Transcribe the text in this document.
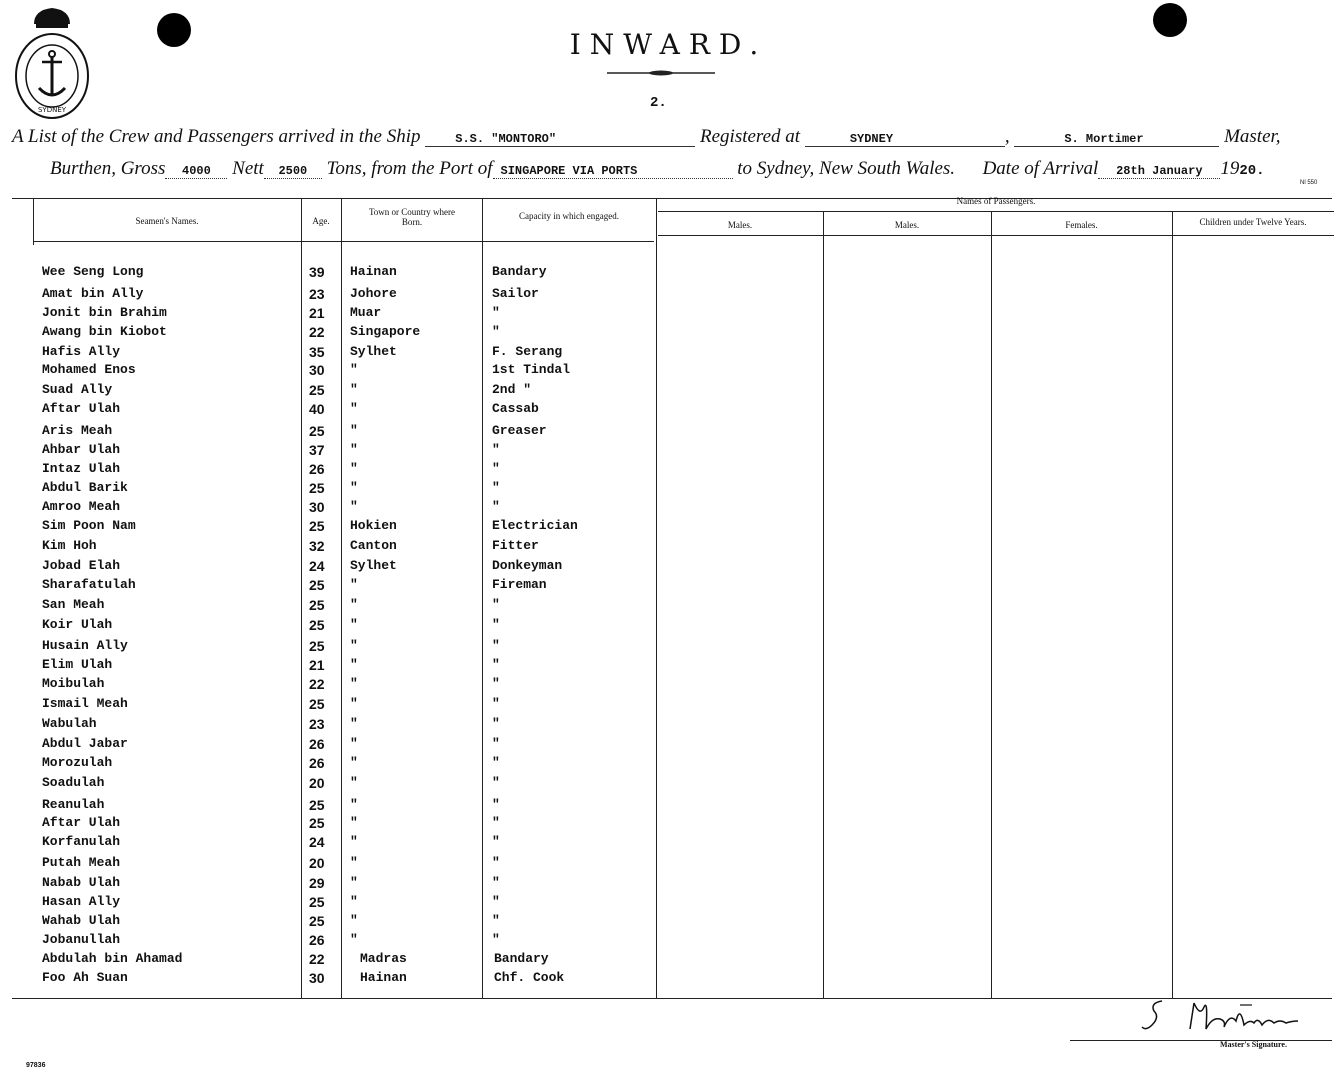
SYDNEY
INWARD.
2.
A List of the Crew and Passengers arrived in the Ship	S.S. "MONTORO"	Registered at	SYDNEY	,	S. Mortimer	Master,
Burthen, Gross 4000 Nett 2500 Tons, from the Port of SINGAPORE VIA PORTS	to Sydney, New South Wales. Date of Arrival 28th January 1920.
Nl 550
Seamen's Names.	Age.
Town or Country where Born.
Capacity in which engaged.
Names of Passengers.
Males.	Males.	Females.	Children under Twelve Years.
Wee Seng Long	39 Hainan	Bandary
Amat bin Ally	23 Johore	Sailor
Jonit bin Brahim	21 Muar	"
Awang bin Kiobot	22 Singapore	"
Hafis Ally	35 Sylhet	F. Serang
Mohamed Enos	30 "	1st Tindal
Suad Ally	25 "	2nd "
Aftar Ulah	40 "	Cassab
Aris Meah	25 "	Greaser
Ahbar Ulah	37 "	"
Intaz Ulah	26 "	"
Abdul Barik	25 "	"
Amroo Meah	30 "	"
Sim Poon Nam	25 Hokien	Electrician
Kim Hoh	32 Canton	Fitter
Jobad Elah	24 Sylhet	Donkeyman
Sharafatulah	25 "	Fireman
San Meah	25 "	"
Koir Ulah	25 "	"
Husain Ally	25 "	"
Elim Ulah	21 "	"
Moibulah	22 "	"
Ismail Meah	25 "	"
Wabulah	23 "	"
Abdul Jabar	26 "	"
Morozulah	26 "	"
Soadulah	20 "	"
Reanulah	25 "	"
Aftar Ulah	25 "	"
Korfanulah	24 "	"
Putah Meah	20 "	"
Nabab Ulah	29 "	"
Hasan Ally	25 "	"
Wahab Ulah	25 "	"
Jobanullah	26 "	"
Abdulah bin Ahamad	22	Madras	Bandary
Foo Ah Suan	30	Hainan	Chf. Cook
Master's Signature.
97836
